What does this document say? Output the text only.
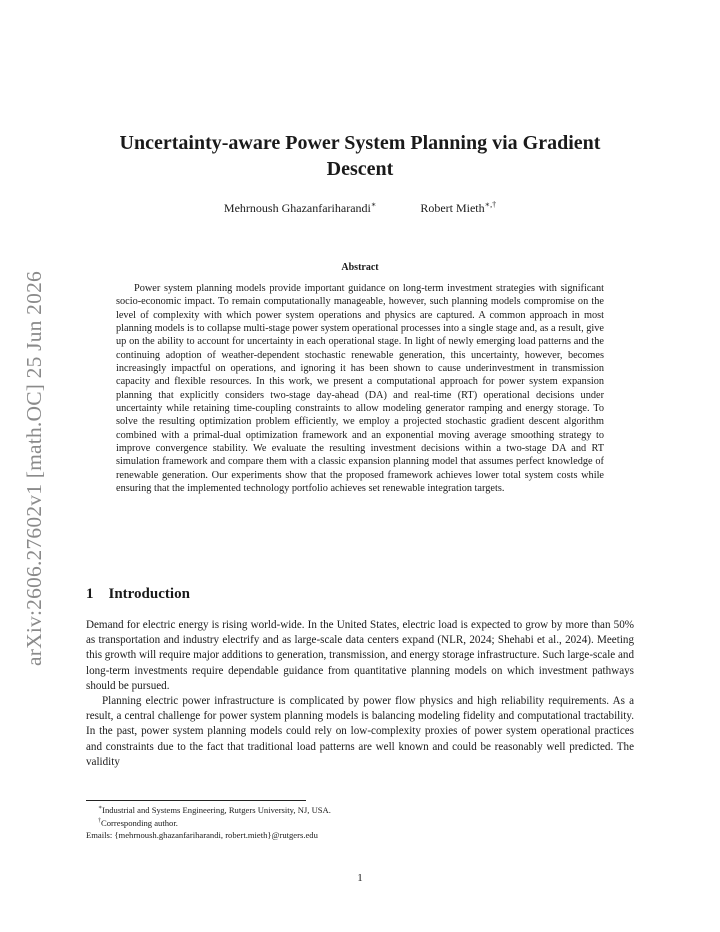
arXiv:2606.27602v1 [math.OC] 25 Jun 2026
Uncertainty-aware Power System Planning via Gradient Descent
Mehrnoush Ghazanfariharandi∗	Robert Mieth∗,†
Abstract

Power system planning models provide important guidance on long-term investment strategies with significant socio-economic impact. To remain computationally manageable, however, such planning models compromise on the level of complexity with which power system operations and physics are captured. A common approach in most planning models is to collapse multi-stage power system operational processes into a single stage and, as a result, give up on the ability to account for uncertainty in each operational stage. In light of newly emerging load patterns and the continuing adoption of weather-dependent stochastic renewable generation, this uncertainty, however, becomes increasingly impactful on operations, and ignoring it has been shown to cause underinvestment in transmission capacity and flexible resources. In this work, we present a computational approach for power system expansion planning that explicitly considers two-stage day-ahead (DA) and real-time (RT) operational decisions under uncertainty while retaining time-coupling constraints to allow modeling generator ramping and energy storage. To solve the resulting optimization problem efficiently, we employ a projected stochastic gradient descent algorithm combined with a primal-dual optimization framework and an exponential moving average smoothing strategy to improve convergence stability. We evaluate the resulting investment decisions within a two-stage DA and RT simulation framework and compare them with a classic expansion planning model that assumes perfect knowledge of renewable generation. Our experiments show that the proposed framework achieves lower total system costs while ensuring that the implemented technology portfolio achieves set renewable integration targets.

1 Introduction

Demand for electric energy is rising world-wide. In the United States, electric load is expected to grow by more than 50% as transportation and industry electrify and as large-scale data centers expand (NLR, 2024; Shehabi et al., 2024). Meeting this growth will require major additions to generation, transmission, and energy storage infrastructure. Such large-scale and long-term investments require dependable guidance from quantitative planning models on which investment pathways should be pursued.

Planning electric power infrastructure is complicated by power flow physics and high reliability requirements. As a result, a central challenge for power system planning models is balancing modeling fidelity and computational tractability. In the past, power system planning models could rely on low-complexity proxies of power system operational practices and constraints due to the fact that traditional load patterns are well known and could be reasonably well predicted. The validity

∗Industrial and Systems Engineering, Rutgers University, NJ, USA.
†Corresponding author.
Emails: {mehrnoush.ghazanfariharandi, robert.mieth}@rutgers.edu
1
